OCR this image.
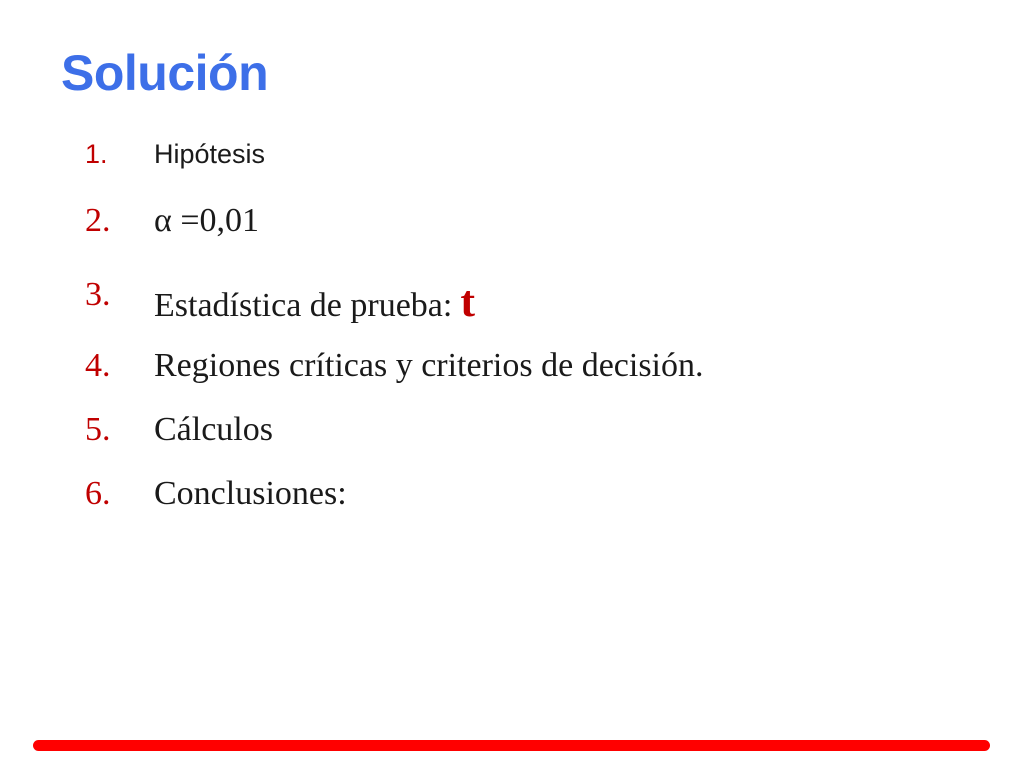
Solución
1.	Hipótesis
2.	α =0,01
3.	Estadística de prueba: t
4.	Regiones críticas y criterios de decisión.
5.	Cálculos
6.	Conclusiones:
